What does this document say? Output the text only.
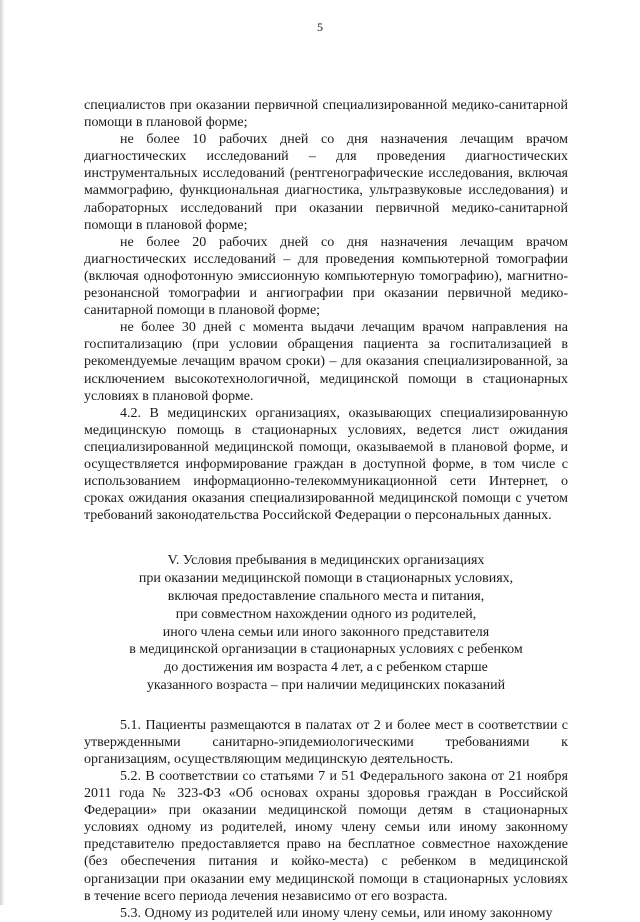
5

специалистов при оказании первичной специализированной медико-санитарной помощи в плановой форме;

не более 10 рабочих дней со дня назначения лечащим врачом диагностических исследований – для проведения диагностических инструментальных исследований (рентгенографические исследования, включая маммографию, функциональная диагностика, ультразвуковые исследования) и лабораторных исследований при оказании первичной медико-санитарной помощи в плановой форме;

не более 20 рабочих дней со дня назначения лечащим врачом диагностических исследований – для проведения компьютерной томографии (включая однофотонную эмиссионную компьютерную томографию), магнитно-резонансной томографии и ангиографии при оказании первичной медико-санитарной помощи в плановой форме;

не более 30 дней с момента выдачи лечащим врачом направления на госпитализацию (при условии обращения пациента за госпитализацией в рекомендуемые лечащим врачом сроки) – для оказания специализированной, за исключением высокотехнологичной, медицинской помощи в стационарных условиях в плановой форме.

4.2. В медицинских организациях, оказывающих специализированную медицинскую помощь в стационарных условиях, ведется лист ожидания специализированной медицинской помощи, оказываемой в плановой форме, и осуществляется информирование граждан в доступной форме, в том числе с использованием информационно-телекоммуникационной сети Интернет, о сроках ожидания оказания специализированной медицинской помощи с учетом требований законодательства Российской Федерации о персональных данных.

V. Условия пребывания в медицинских организациях
при оказании медицинской помощи в стационарных условиях,
включая предоставление спального места и питания,
при совместном нахождении одного из родителей,
иного члена семьи или иного законного представителя
в медицинской организации в стационарных условиях с ребенком
до достижения им возраста 4 лет, а с ребенком старше
указанного возраста – при наличии медицинских показаний

5.1. Пациенты размещаются в палатах от 2 и более мест в соответствии с утвержденными санитарно-эпидемиологическими требованиями к организациям, осуществляющим медицинскую деятельность.

5.2. В соответствии со статьями 7 и 51 Федерального закона от 21 ноября 2011 года № 323-ФЗ «Об основах охраны здоровья граждан в Российской Федерации» при оказании медицинской помощи детям в стационарных условиях одному из родителей, иному члену семьи или иному законному представителю предоставляется право на бесплатное совместное нахождение (без обеспечения питания и койко-места) с ребенком в медицинской организации при оказании ему медицинской помощи в стационарных условиях в течение всего периода лечения независимо от его возраста.

5.3. Одному из родителей или иному члену семьи, или иному законному
